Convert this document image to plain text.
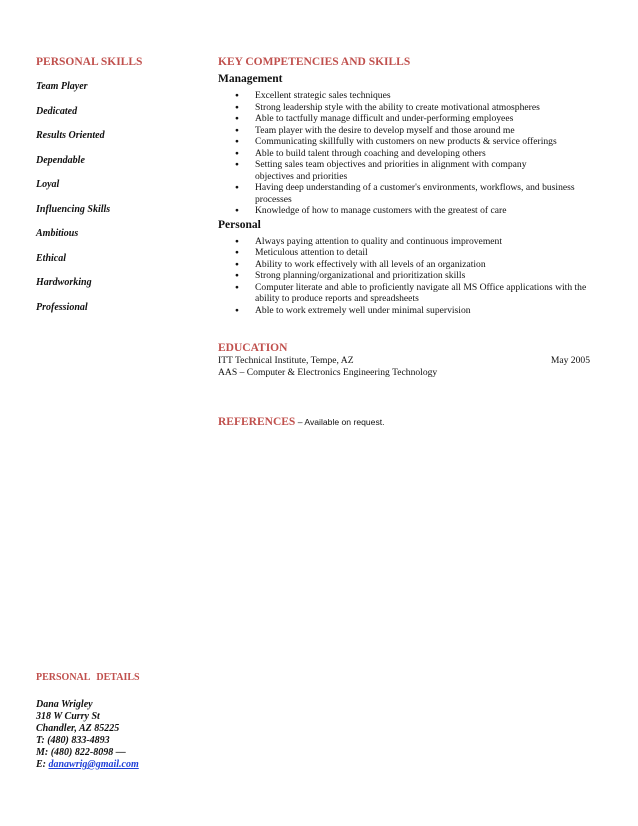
PERSONAL SKILLS
Team Player
Dedicated
Results Oriented
Dependable
Loyal
Influencing Skills
Ambitious
Ethical
Hardworking
Professional
KEY COMPETENCIES AND SKILLS
Management
● Excellent strategic sales techniques
● Strong leadership style with the ability to create motivational atmospheres
● Able to tactfully manage difficult and under-performing employees
● Team player with the desire to develop myself and those around me
● Communicating skillfully with customers on new products & service offerings
● Able to build talent through coaching and developing others
● Setting sales team objectives and priorities in alignment with company objectives and priorities
● Having deep understanding of a customer's environments, workflows, and business processes
● Knowledge of how to manage customers with the greatest of care
Personal
● Always paying attention to quality and continuous improvement
● Meticulous attention to detail
● Ability to work effectively with all levels of an organization
● Strong planning/organizational and prioritization skills
● Computer literate and able to proficiently navigate all MS Office applications with the ability to produce reports and spreadsheets
● Able to work extremely well under minimal supervision
EDUCATION
ITT Technical Institute, Tempe, AZ	May 2005
AAS – Computer & Electronics Engineering Technology
REFERENCES – Available on request.
PERSONAL DETAILS
Dana Wrigley
318 W Curry St
Chandler, AZ 85225
T: (480) 833-4893
M: (480) 822-8098 —
E: danawrig@gmail.com
